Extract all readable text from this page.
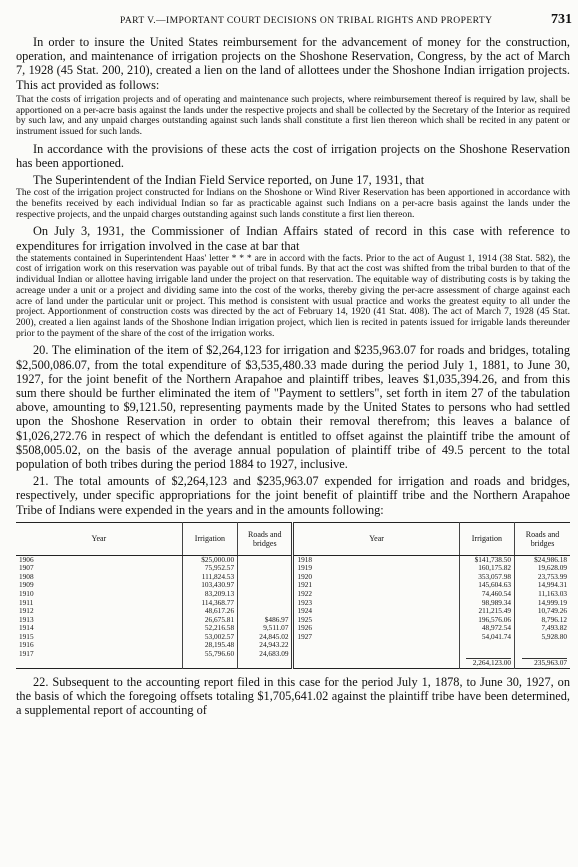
PART V.—IMPORTANT COURT DECISIONS ON TRIBAL RIGHTS AND PROPERTY	731

In order to insure the United States reimbursement for the advancement of money for the construction, operation, and maintenance of irrigation projects on the Shoshone Reservation, Congress, by the act of March 7, 1928 (45 Stat. 200, 210), created a lien on the land of allottees under the Shoshone Indian irrigation projects. This act provided as follows:

That the costs of irrigation projects and of operating and maintenance such projects, where reimbursement thereof is required by law, shall be apportioned on a per-acre basis against the lands under the respective projects and shall be collected by the Secretary of the Interior as required by such law, and any unpaid charges outstanding against such lands shall constitute a first lien thereon which shall be recited in any patent or instrument issued for such lands.

In accordance with the provisions of these acts the cost of irrigation projects on the Shoshone Reservation has been apportioned.

The Superintendent of the Indian Field Service reported, on June 17, 1931, that

The cost of the irrigation project constructed for Indians on the Shoshone or Wind River Reservation has been apportioned in accordance with the benefits received by each individual Indian so far as practicable against such Indians on a per-acre basis against the lands under the respective projects, and the unpaid charges outstanding against such lands constitute a first lien thereon.

On July 3, 1931, the Commissioner of Indian Affairs stated of record in this case with reference to expenditures for irrigation involved in the case at bar that

the statements contained in Superintendent Haas' letter * * * are in accord with the facts. Prior to the act of August 1, 1914 (38 Stat. 582), the cost of irrigation work on this reservation was payable out of tribal funds. By that act the cost was shifted from the tribal burden to that of the individual Indian or allottee having irrigable land under the project on that reservation. The equitable way of distributing costs is by taking the acreage under a unit or a project and dividing same into the cost of the works, thereby giving the per-acre assessment of charge against each acre of land under the particular unit or project. This method is consistent with usual practice and works the greatest equity to all under the project. Apportionment of construction costs was directed by the act of February 14, 1920 (41 Stat. 408). The act of March 7, 1928 (45 Stat. 200), created a lien against lands of the Shoshone Indian irrigation project, which lien is recited in patents issued for irrigable lands thereunder prior to the payment of the share of the cost of the irrigation works.

20. The elimination of the item of $2,264,123 for irrigation and $235,963.07 for roads and bridges, totaling $2,500,086.07, from the total expenditure of $3,535,480.33 made during the period July 1, 1881, to June 30, 1927, for the joint benefit of the Northern Arapahoe and plaintiff tribes, leaves $1,035,394.26, and from this sum there should be further eliminated the item of "Payment to settlers", set forth in item 27 of the tabulation above, amounting to $9,121.50, representing payments made by the United States to persons who had settled upon the Shoshone Reservation in order to obtain their removal therefrom; this leaves a balance of $1,026,272.76 in respect of which the defendant is entitled to offset against the plaintiff tribe the amount of $508,005.02, on the basis of the average annual population of plaintiff tribe of 49.5 percent to the total population of both tribes during the period 1884 to 1927, inclusive.

21. The total amounts of $2,264,123 and $235,963.07 expended for irrigation and roads and bridges, respectively, under specific appropriations for the joint benefit of plaintiff tribe and the Northern Arapahoe Tribe of Indians were expended in the years and in the amounts following:

Year	Irrigation	Roads and bridges	Year	Irrigation	Roads and bridges
1906	$25,000.00		1918	$141,738.50	$24,986.18
1907	75,952.57		1919	160,175.82	19,628.09
1908	111,824.53		1920	353,057.98	23,753.99
1909	103,430.97		1921	145,604.63	14,994.31
1910	83,209.13		1922	74,460.54	11,163.03
1911	114,368.77		1923	98,989.34	14,999.19
1912	48,617.26		1924	211,215.49	10,749.26
1913	26,675.81	$486.97	1925	196,576.06	8,796.12
1914	52,216.58	9,511.07	1926	48,972.54	7,493.82
1915	53,002.57	24,845.02	1927	54,041.74	5,928.80
1916	28,195.48	24,943.22			
1917	55,796.60	24,683.09			
				2,264,123.00	235,963.07

22. Subsequent to the accounting report filed in this case for the period July 1, 1878, to June 30, 1927, on the basis of which the foregoing offsets totaling $1,705,641.02 against the plaintiff tribe have been determined, a supplemental report of accounting of
